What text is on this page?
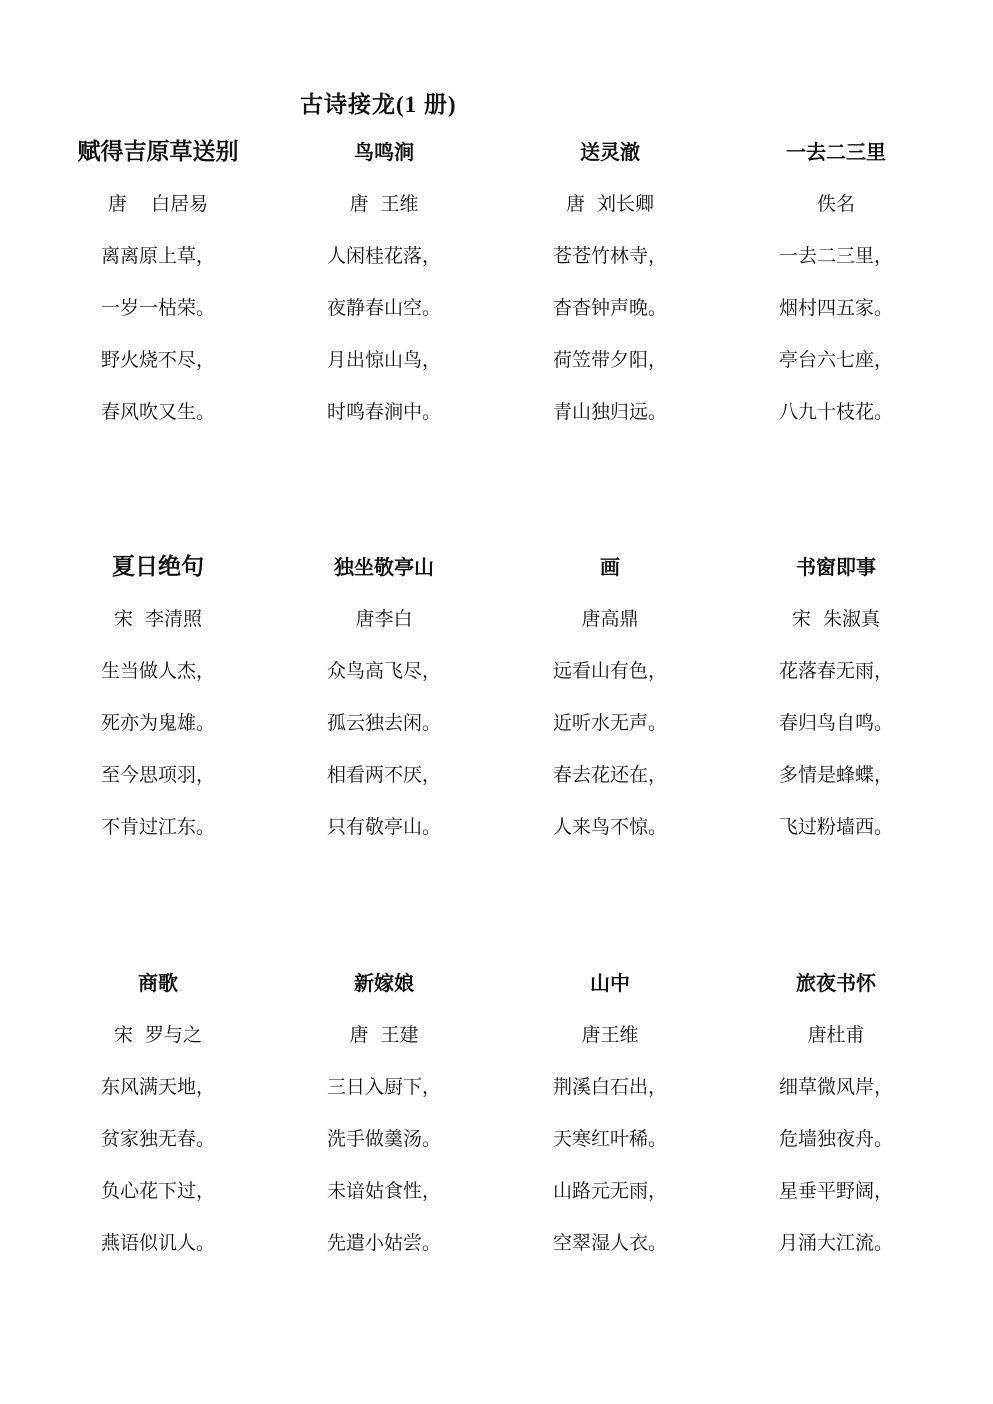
古诗接龙(1 册)
赋得吉原草送别
唐    白居易
离离原上草，
一岁一枯荣。
野火烧不尽，
春风吹又生。
鸟鸣涧
唐  王维
人闲桂花落，
夜静春山空。
月出惊山鸟，
时鸣春涧中。
送灵澈
唐  刘长卿
苍苍竹林寺，
杳杳钟声晚。
荷笠带夕阳，
青山独归远。
一去二三里
佚名
一去二三里，
烟村四五家。
亭台六七座，
八九十枝花。
夏日绝句
宋  李清照
生当做人杰，
死亦为鬼雄。
至今思项羽，
不肯过江东。
独坐敬亭山
唐李白
众鸟高飞尽，
孤云独去闲。
相看两不厌，
只有敬亭山。
画
唐高鼎
远看山有色，
近听水无声。
春去花还在，
人来鸟不惊。
书窗即事
宋  朱淑真
花落春无雨，
春归鸟自鸣。
多情是蜂蝶，
飞过粉墙西。
商歌
宋  罗与之
东风满天地，
贫家独无春。
负心花下过，
燕语似讥人。
新嫁娘
唐  王建
三日入厨下，
洗手做羹汤。
未谙姑食性，
先遣小姑尝。
山中
唐王维
荆溪白石出，
天寒红叶稀。
山路元无雨，
空翠湿人衣。
旅夜书怀
唐杜甫
细草微风岸，
危墙独夜舟。
星垂平野阔，
月涌大江流。
